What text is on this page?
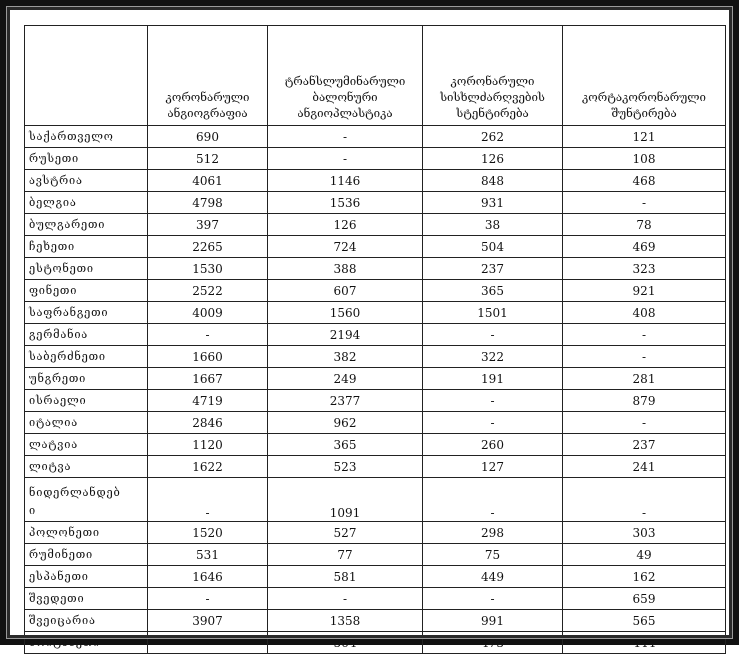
	კორონარული ანგიოგრაფია	ტრანსლუმინარული ბალონური ანგიოპლასტიკა	კორონარული სისხლძარღვების სტენტირება	კორტაკორონარული შუნტირება
საქართველო	690	-	262	121
რუსეთი	512	-	126	108
ავსტრია	4061	1146	848	468
ბელგია	4798	1536	931	-
ბულგარეთი	397	126	38	78
ჩეხეთი	2265	724	504	469
ესტონეთი	1530	388	237	323
ფინეთი	2522	607	365	921
საფრანგეთი	4009	1560	1501	408
გერმანია	-	2194	-	-
საბერძნეთი	1660	382	322	-
უნგრეთი	1667	249	191	281
ისრაელი	4719	2377	-	879
იტალია	2846	962	-	-
ლატვია	1120	365	260	237
ლიტვა	1622	523	127	241
ნიდერლანდებ
ი	-	1091	-	-
პოლონეთი	1520	527	298	303
რუმინეთი	531	77	75	49
ესპანეთი	1646	581	449	162
შვედეთი	-	-	-	659
შვეიცარია	3907	1358	991	565
ბრიტანეთი	-	564	473	444
